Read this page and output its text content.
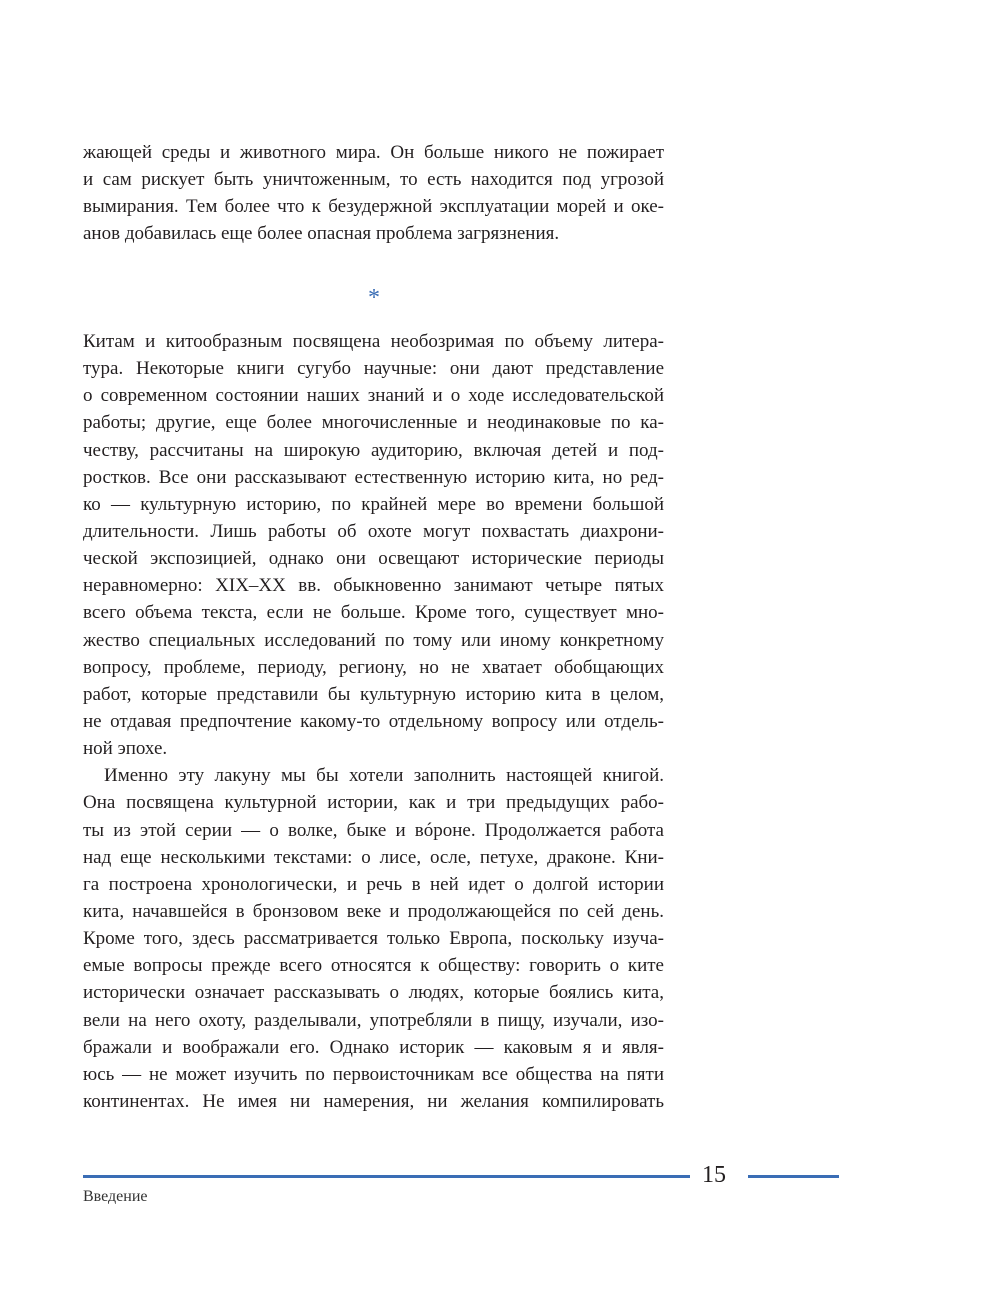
жающей среды и животного мира. Он больше никого не пожирает
и сам рискует быть уничтоженным, то есть находится под угрозой
вымирания. Тем более что к безудержной эксплуатации морей и оке-
анов добавилась еще более опасная проблема загрязнения.
*
Китам и китообразным посвящена необозримая по объему литера-
тура. Некоторые книги сугубо научные: они дают представление
о современном состоянии наших знаний и о ходе исследовательской
работы; другие, еще более многочисленные и неодинаковые по ка-
честву, рассчитаны на широкую аудиторию, включая детей и под-
ростков. Все они рассказывают естественную историю кита, но ред-
ко — культурную историю, по крайней мере во времени большой
длительности. Лишь работы об охоте могут похвастать диахрони-
ческой экспозицией, однако они освещают исторические периоды
неравномерно: XIX–XX вв. обыкновенно занимают четыре пятых
всего объема текста, если не больше. Кроме того, существует мно-
жество специальных исследований по тому или иному конкретному
вопросу, проблеме, периоду, региону, но не хватает обобщающих
работ, которые представили бы культурную историю кита в целом,
не отдавая предпочтение какому-то отдельному вопросу или отдель-
ной эпохе.
Именно эту лакуну мы бы хотели заполнить настоящей книгой.
Она посвящена культурной истории, как и три предыдущих рабо-
ты из этой серии — о волке, быке и вóроне. Продолжается работа
над еще несколькими текстами: о лисе, осле, петухе, драконе. Кни-
га построена хронологически, и речь в ней идет о долгой истории
кита, начавшейся в бронзовом веке и продолжающейся по сей день.
Кроме того, здесь рассматривается только Европа, поскольку изуча-
емые вопросы прежде всего относятся к обществу: говорить о ките
исторически означает рассказывать о людях, которые боялись кита,
вели на него охоту, разделывали, употребляли в пищу, изучали, изо-
бражали и воображали его. Однако историк — каковым я и явля-
юсь — не может изучить по первоисточникам все общества на пяти
континентах. Не имея ни намерения, ни желания компилировать
15
Введение
